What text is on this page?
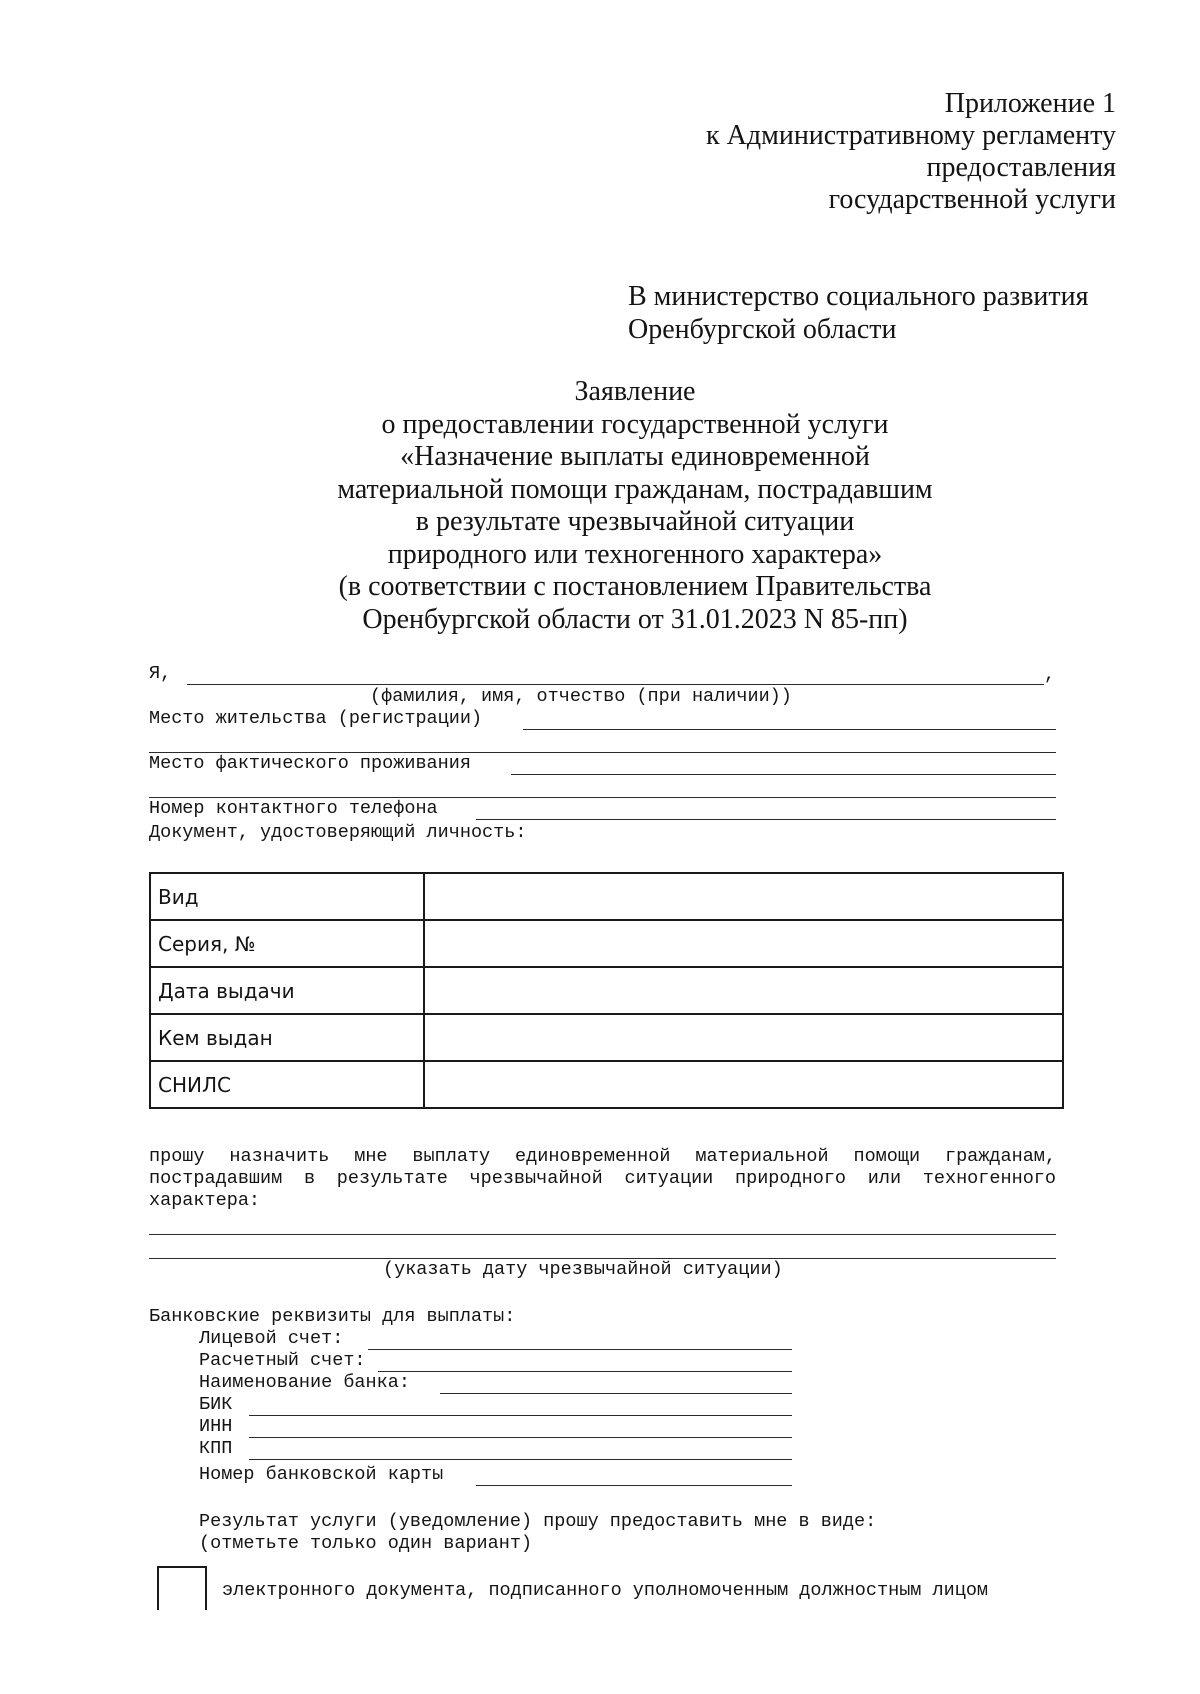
Приложение 1
к Административному регламенту
предоставления
государственной услуги
В министерство социального развития
Оренбургской области
Заявление
о предоставлении государственной услуги
«Назначение выплаты единовременной
материальной помощи гражданам, пострадавшим
в результате чрезвычайной ситуации
природного или техногенного характера»
(в соответствии с постановлением Правительства
Оренбургской области от 31.01.2023 N 85-пп)
Я,	,
(фамилия, имя, отчество (при наличии))
Место жительства (регистрации)
Место фактического проживания
Номер контактного телефона
Документ, удостоверяющий личность:
Вид	
Серия, №	
Дата выдачи	
Кем выдан	
СНИЛС	
прошу назначить мне выплату единовременной материальной помощи гражданам, пострадавшим в результате чрезвычайной ситуации природного или техногенного характера:
(указать дату чрезвычайной ситуации)
Банковские реквизиты для выплаты:
Лицевой счет:
Расчетный счет:
Наименование банка:
БИК
ИНН
КПП
Номер банковской карты
Результат услуги (уведомление) прошу предоставить мне в виде:
(отметьте только один вариант)
электронного документа, подписанного уполномоченным должностным лицом
